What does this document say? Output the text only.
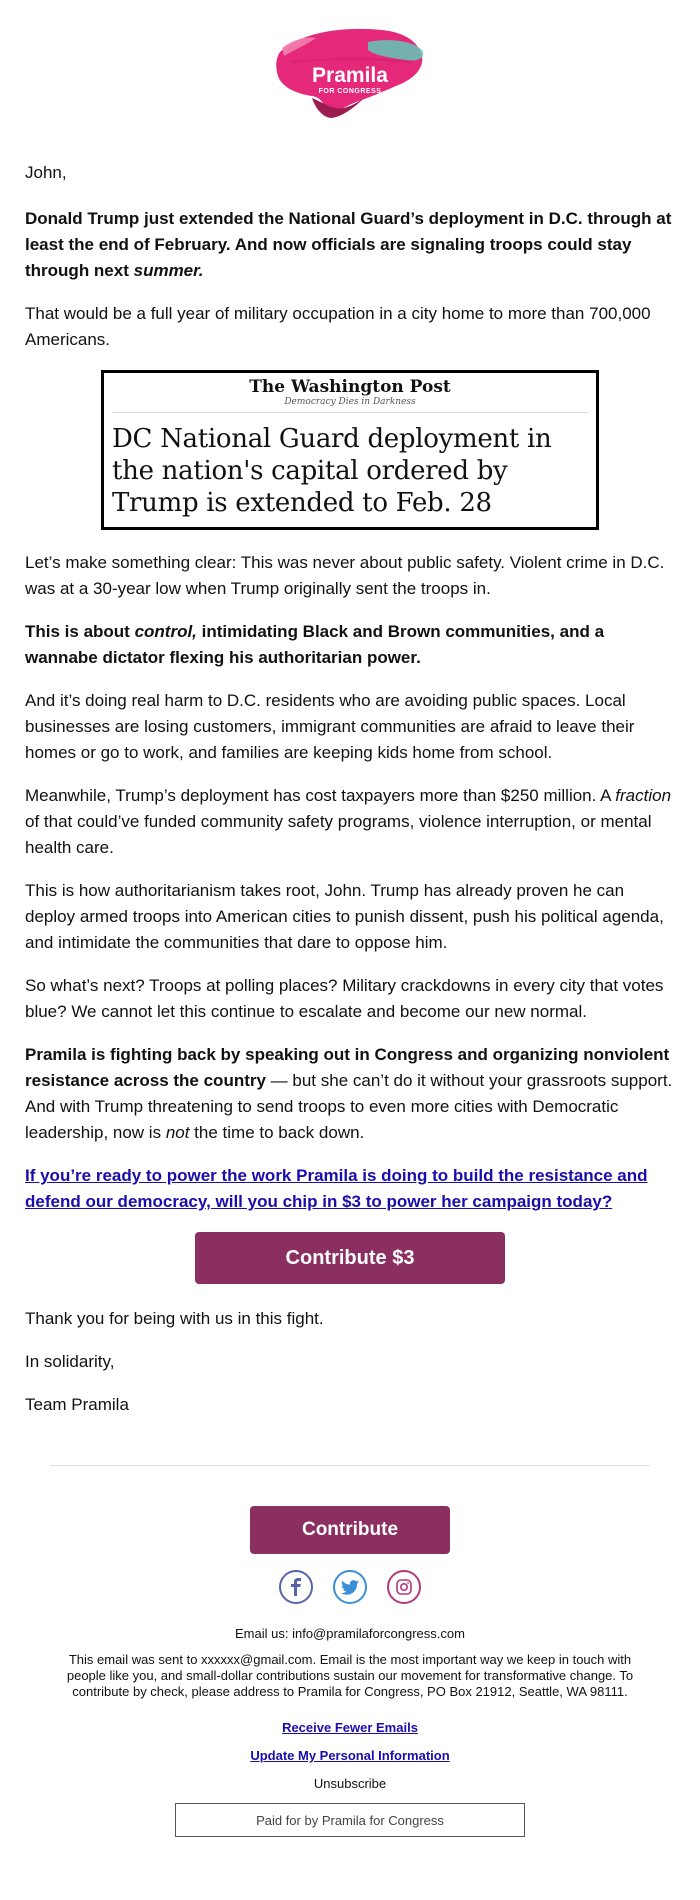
Pramila
FOR CONGRESS

John,

Donald Trump just extended the National Guard’s deployment in D.C. through at least the end of February. And now officials are signaling troops could stay through next summer.

That would be a full year of military occupation in a city home to more than 700,000 Americans.

The Washington Post
Democracy Dies in Darkness
DC National Guard deployment in the nation's capital ordered by Trump is extended to Feb. 28

Let’s make something clear: This was never about public safety. Violent crime in D.C. was at a 30-year low when Trump originally sent the troops in.

This is about control, intimidating Black and Brown communities, and a wannabe dictator flexing his authoritarian power.

And it’s doing real harm to D.C. residents who are avoiding public spaces. Local businesses are losing customers, immigrant communities are afraid to leave their homes or go to work, and families are keeping kids home from school.

Meanwhile, Trump’s deployment has cost taxpayers more than $250 million. A fraction of that could’ve funded community safety programs, violence interruption, or mental health care.

This is how authoritarianism takes root, John. Trump has already proven he can deploy armed troops into American cities to punish dissent, push his political agenda, and intimidate the communities that dare to oppose him.

So what’s next? Troops at polling places? Military crackdowns in every city that votes blue? We cannot let this continue to escalate and become our new normal.

Pramila is fighting back by speaking out in Congress and organizing nonviolent resistance across the country — but she can’t do it without your grassroots support. And with Trump threatening to send troops to even more cities with Democratic leadership, now is not the time to back down.

If you’re ready to power the work Pramila is doing to build the resistance and defend our democracy, will you chip in $3 to power her campaign today?

Contribute $3

Thank you for being with us in this fight.

In solidarity,

Team Pramila

Contribute
Email us: info@pramilaforcongress.com
This email was sent to xxxxxx@gmail.com. Email is the most important way we keep in touch with people like you, and small-dollar contributions sustain our movement for transformative change. To contribute by check, please address to Pramila for Congress, PO Box 21912, Seattle, WA 98111.
Receive Fewer Emails
Update My Personal Information
Unsubscribe
Paid for by Pramila for Congress
